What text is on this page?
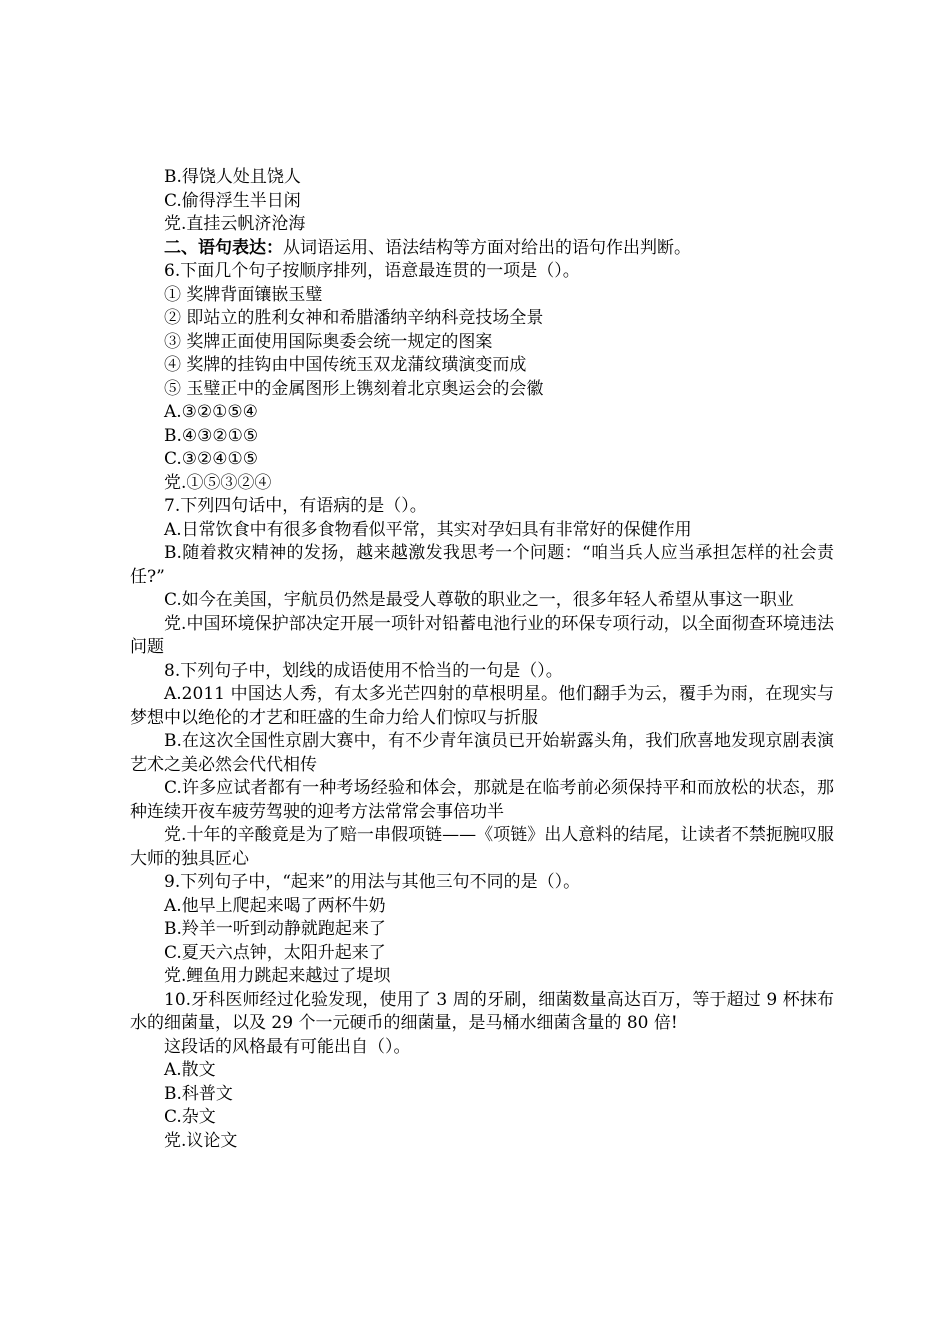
B.得饶人处且饶人
C.偷得浮生半日闲
党.直挂云帆济沧海
二、语句表达：从词语运用、语法结构等方面对给出的语句作出判断。
6.下面几个句子按顺序排列，语意最连贯的一项是（）。
① 奖牌背面镶嵌玉璧
② 即站立的胜利女神和希腊潘纳辛纳科竞技场全景
③ 奖牌正面使用国际奥委会统一规定的图案
④ 奖牌的挂钩由中国传统玉双龙蒲纹璜演变而成
⑤ 玉璧正中的金属图形上镌刻着北京奥运会的会徽
A.③②①⑤④
B.④③②①⑤
C.③②④①⑤
党.①⑤③②④
7.下列四句话中，有语病的是（）。
A.日常饮食中有很多食物看似平常，其实对孕妇具有非常好的保健作用
B.随着救灾精神的发扬，越来越激发我思考一个问题：“咱当兵人应当承担怎样的社会责任?”
C.如今在美国，宇航员仍然是最受人尊敬的职业之一，很多年轻人希望从事这一职业
党.中国环境保护部决定开展一项针对铅蓄电池行业的环保专项行动，以全面彻查环境违法问题
8.下列句子中，划线的成语使用不恰当的一句是（）。
A.2011 中国达人秀，有太多光芒四射的草根明星。他们翻手为云，覆手为雨，在现实与梦想中以绝伦的才艺和旺盛的生命力给人们惊叹与折服
B.在这次全国性京剧大赛中，有不少青年演员已开始崭露头角，我们欣喜地发现京剧表演艺术之美必然会代代相传
C.许多应试者都有一种考场经验和体会，那就是在临考前必须保持平和而放松的状态，那种连续开夜车疲劳驾驶的迎考方法常常会事倍功半
党.十年的辛酸竟是为了赔一串假项链——《项链》出人意料的结尾，让读者不禁扼腕叹服大师的独具匠心
9.下列句子中，“起来”的用法与其他三句不同的是（）。
A.他早上爬起来喝了两杯牛奶
B.羚羊一听到动静就跑起来了
C.夏天六点钟，太阳升起来了
党.鲤鱼用力跳起来越过了堤坝
10.牙科医师经过化验发现，使用了 3 周的牙刷，细菌数量高达百万，等于超过 9 杯抹布水的细菌量，以及 29 个一元硬币的细菌量，是马桶水细菌含量的 80 倍!
这段话的风格最有可能出自（）。
A.散文
B.科普文
C.杂文
党.议论文
